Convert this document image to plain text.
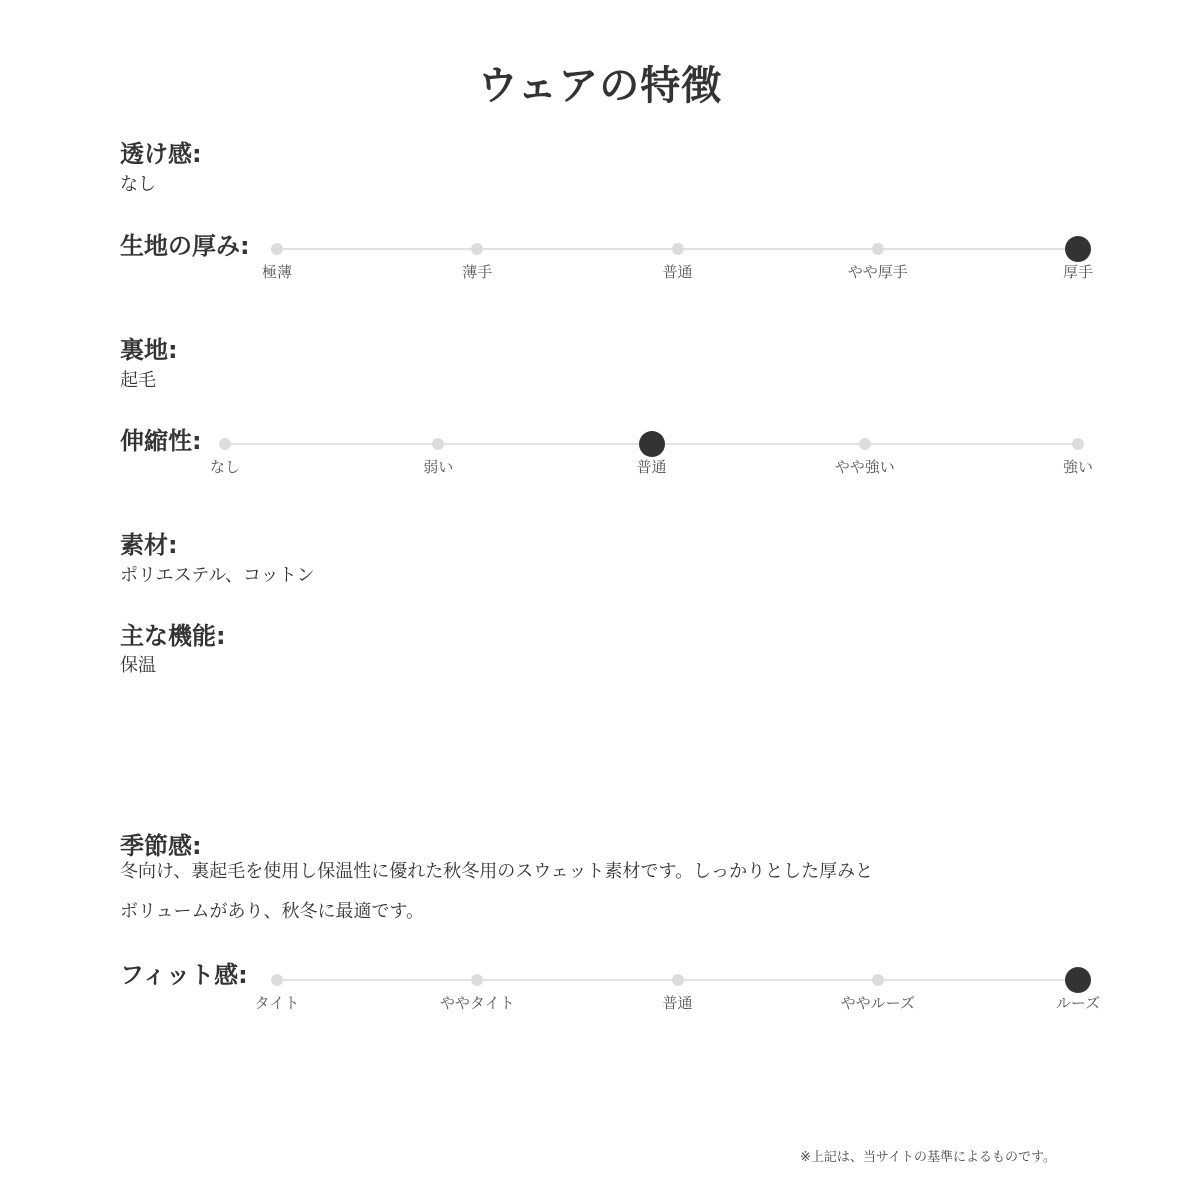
ウェアの特徴
透け感:
なし
生地の厚み:
極薄	薄手	普通	やや厚手	厚手
裏地:
起毛
伸縮性:
なし	弱い	普通	やや強い	強い
素材:
ポリエステル、コットン
主な機能:
保温
季節感:
冬向け、裏起毛を使用し保温性に優れた秋冬用のスウェット素材です。しっかりとした厚みとボリュームがあり、秋冬に最適です。
フィット感:
タイト	ややタイト	普通	ややルーズ	ルーズ
※上記は、当サイトの基準によるものです。
